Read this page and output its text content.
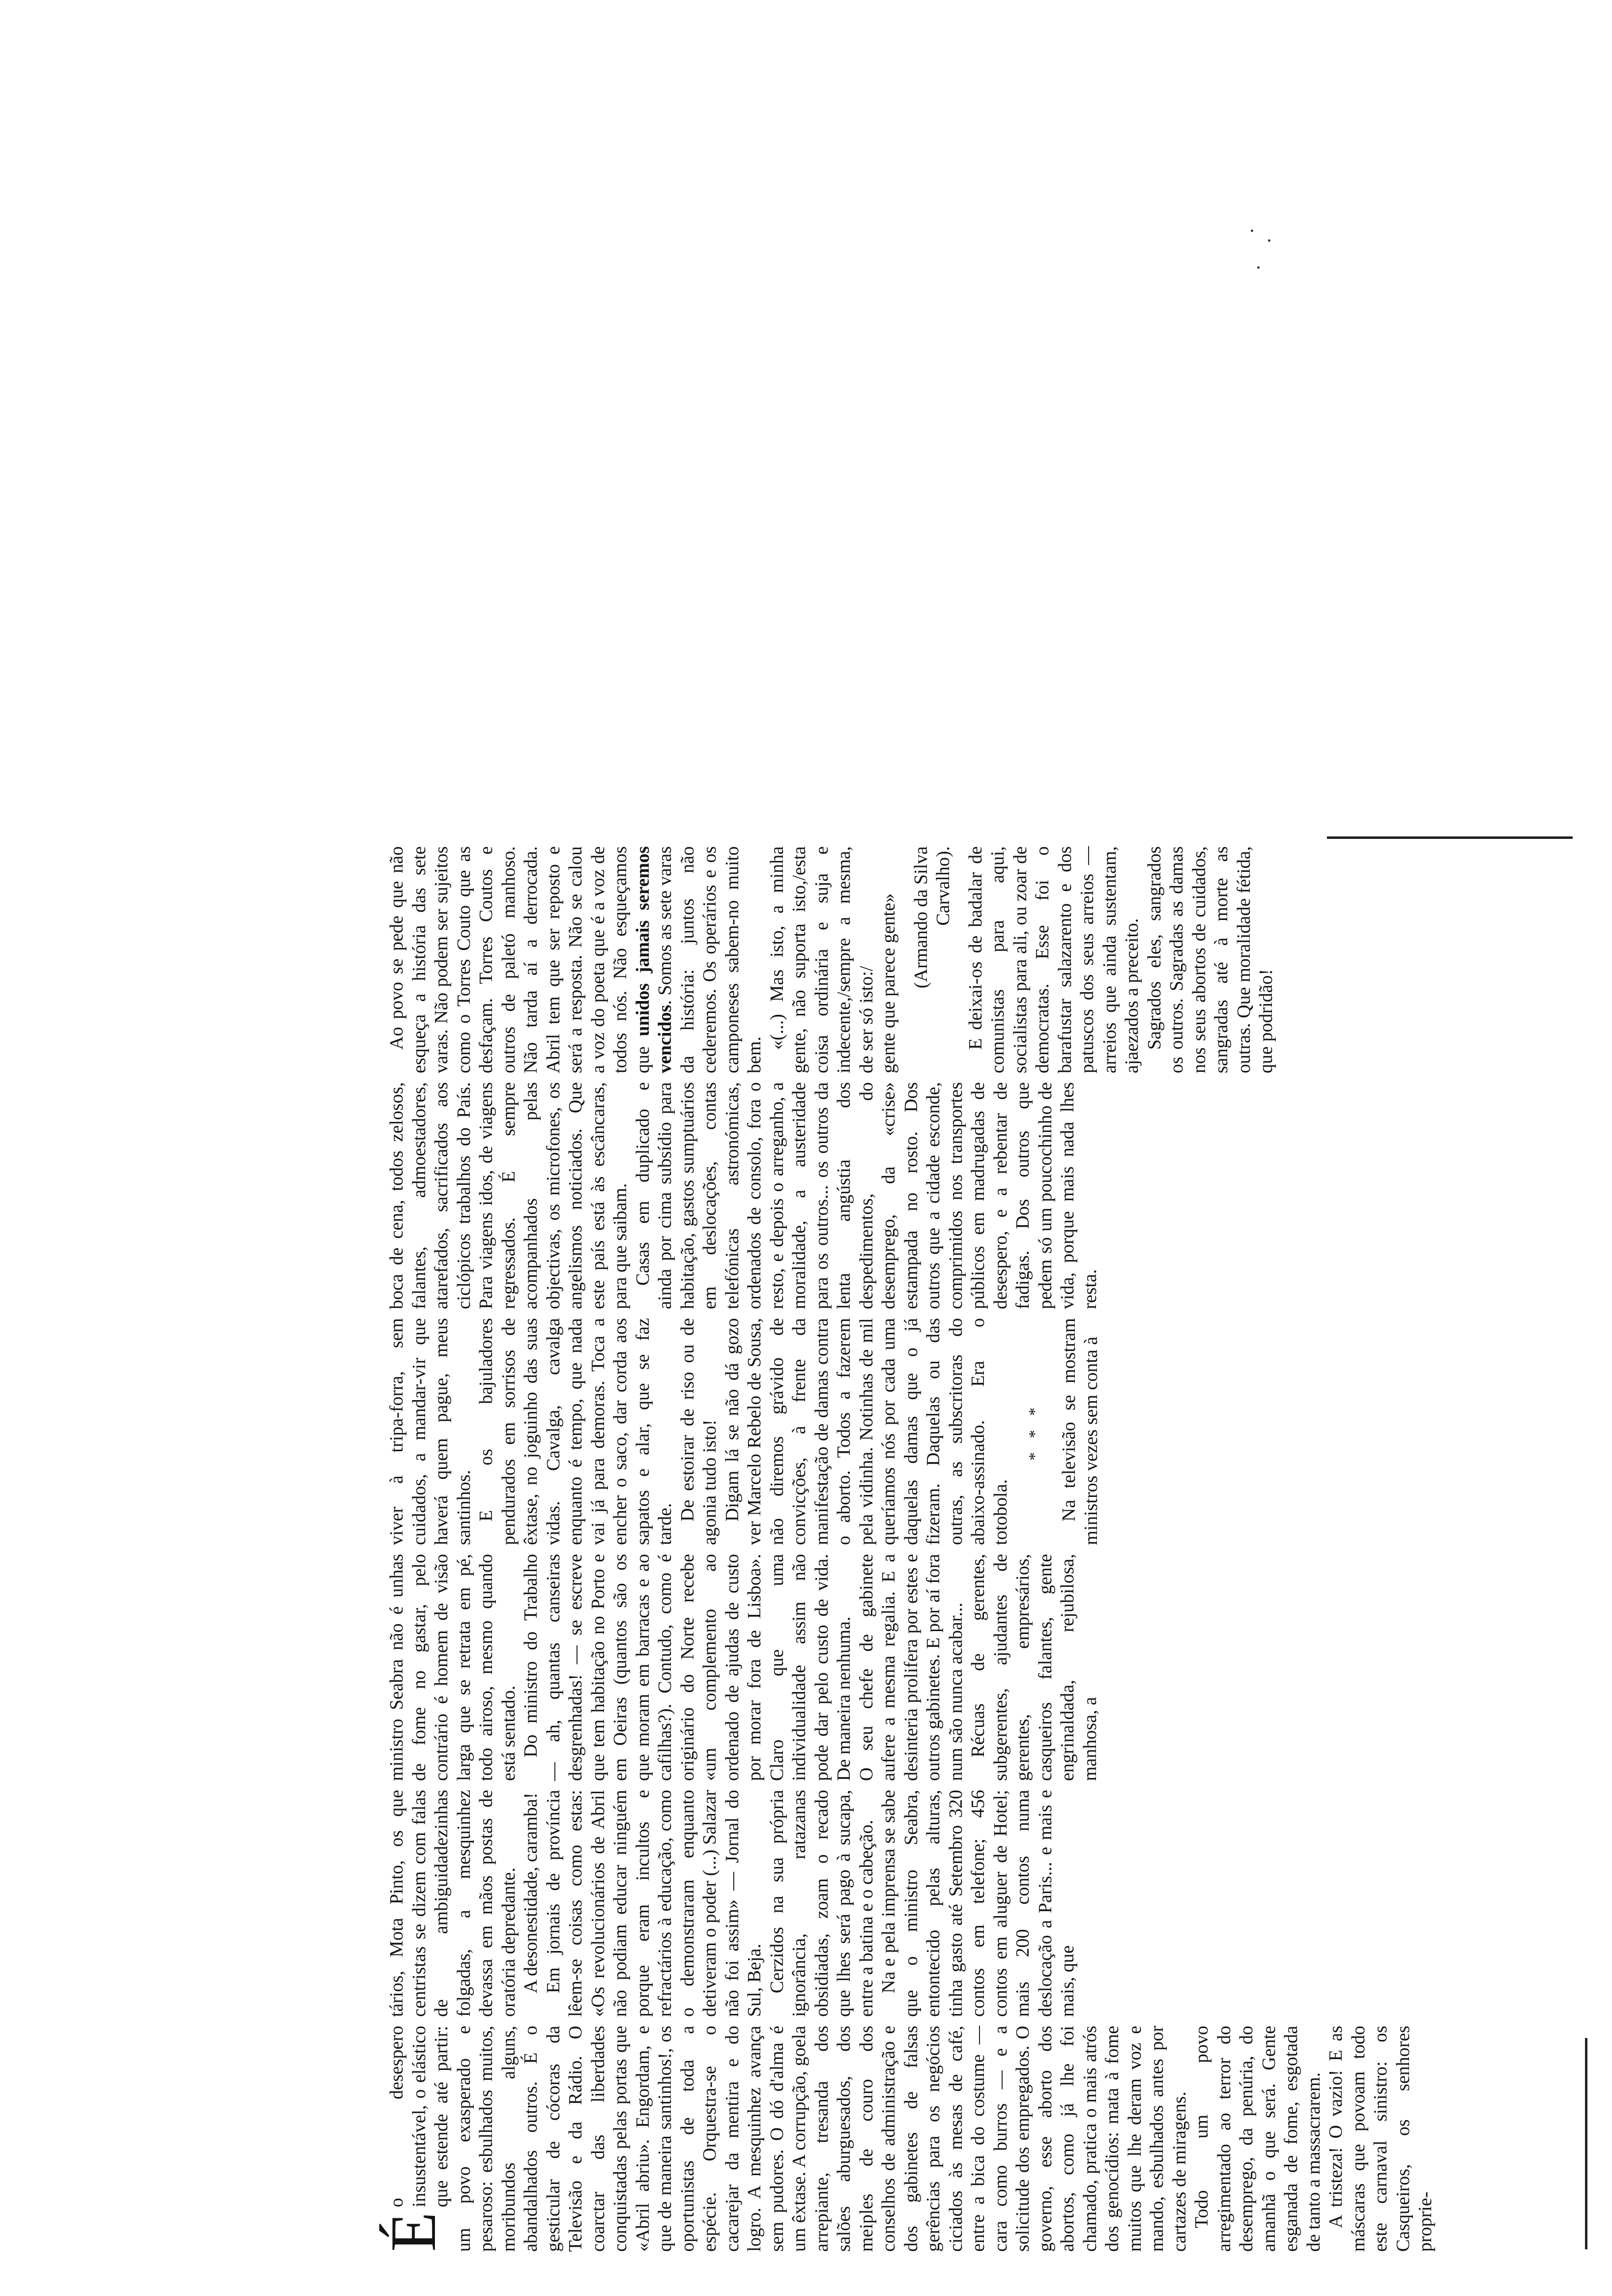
É
o desespero insustentável, o elástico que estende até partir: um povo exasperado e pesaroso: esbulhados muitos, moribundos alguns, abandalhados outros. É o gesticular de cócoras da Televisão e da Rádio. O coarctar das liberdades conquistadas pelas portas que «Abril abriu». Engordam, e que de maneira santinhos!, os oportunistas de toda a espécie. Orquestra-se o cacarejar da mentira e do logro. A mesquinhez avança sem pudores. O dó d'alma é um êxtase. A corrupção, goela arrepiante, tresanda dos salões aburguesados, dos meiples de couro dos conselhos de administração e dos gabinetes de falsas gerências para os negócios ciciados às mesas de café, entre a bica do costume — cara como burros — e a solicitude dos empregados. O governo, esse aborto dos abortos, como já lhe foi chamado, pratica o mais atrós dos genocídios: mata à fome muitos que lhe deram voz e mando, esbulhados antes por cartazes de miragens. Todo um povo arregimentado ao terror do desemprego, da penúria, do amanhã o que será. Gente esganada de fome, esgotada de tanto a massacrarem. A tristeza! O vazio! E as máscaras que povoam todo este carnaval sinistro: os Casqueiros, os senhores proprie-

tários, Mota Pinto, os que centristas se dizem com falas de ambiguidadezinhas folgadas, a mesquinhez devassa em mãos postas de oratória depredante. A desonestidade, caramba! Em jornais de província lêem-se coisas como estas: «Os revolucionários de Abril não podiam educar ninguém porque eram incultos e refractários à educação, como o demonstraram enquanto detiveram o poder (...) Salazar não foi assim» — Jornal do Sul, Beja. Cerzidos na sua própria ignorância, ratazanas obsidiadas, zoam o recado que lhes será pago à sucapa, entre a batina e o cabeção. Na e pela imprensa se sabe que o ministro Seabra, entontecido pelas alturas, tinha gasto até Setembro 320 contos em telefone; 456 contos em aluguer de Hotel; mais 200 contos numa deslocação a Paris... e mais e mais, que

ministro Seabra não é unhas de fome no gastar, pelo contrário é homem de visão larga que se retrata em pé, todo airoso, mesmo quando está sentado. Do ministro do Trabalho — ah, quantas canseiras desgrenhadas! — se escreve que tem habitação no Porto e em Oeiras (quantos são os que moram em barracas e ao cafilhas?). Contudo, como é originário do Norte recebe «um complemento ao ordenado de ajudas de custo por morar fora de Lisboa». Claro que uma individualidade assim não pode dar pelo custo de vida. De maneira nenhuma. O seu chefe de gabinete aufere a mesma regalia. E a desinteria prolifera por estes e outros gabinetes. E por aí fora num são nunca acabar... Récuas de gerentes, subgerentes, ajudantes de gerentes, empresários, casqueiros falantes, gente engrinaldada, rejubilosa, manhosa, a

viver à tripa-forra, sem cuidados, a mandar-vir que haverá quem pague, meus santinhos. E os bajuladores pendurados em sorrisos de êxtase, no joguinho das suas vidas. Cavalga, cavalga enquanto é tempo, que nada vai já para demoras. Toca a encher o saco, dar corda aos sapatos e alar, que se faz tarde.

De estoirar de riso ou de agonia tudo isto! Digam lá se não dá gozo ver Marcelo Rebelo de Sousa, não diremos grávido de convicções, à frente da manifestação de damas contra o aborto. Todos a fazerem pela vidinha. Notinhas de mil queríamos nós por cada uma daquelas damas que o já fizeram. Daquelas ou das outras, as subscritoras do abaixo-assinado. Era o totobola.

* * * Na televisão se mostram ministros vezes sem conta à

boca de cena, todos zelosos, falantes, admoestadores, atarefados, sacrificados aos ciclópicos trabalhos do País. Para viagens idos, de viagens regressados. É sempre acompanhados pelas objectivas, os microfones, os angelismos noticiados. Que este país está às escâncaras, para que saibam. Casas em duplicado e ainda por cima subsídio para habitação, gastos sumptuários em deslocações, contas telefónicas astronómicas, ordenados de consolo, fora o resto, e depois o arreganho, a moralidade, a austeridade para os outros... os outros da lenta angústia dos despedimentos, do desemprego, da «crise» estampada no rosto. Dos outros que a cidade esconde, comprimidos nos transportes públicos em madrugadas de desespero, e a rebentar de fadigas. Dos outros que pedem só um poucochinho de vida, porque mais nada lhes resta.

Ao povo se pede que não esqueça a história das sete varas. Não podem ser sujeitos como o Torres Couto que as desfaçam. Torres Coutos e outros de paletó manhoso. Não tarda aí a derrocada. Abril tem que ser reposto e será a resposta. Não se calou a voz do poeta que é a voz de todos nós. Não esqueçamos que unidos jamais seremos vencidos. Somos as sete varas da história: juntos não cederemos. Os operários e os camponeses sabem-no muito bem.

«(...) Mas isto, a minha gente, não suporta isto,/esta coisa ordinária e suja e indecente,/sempre a mesma, de ser só isto:/ gente que parece gente» (Armando da Silva Carvalho). E deixai-os de badalar de comunistas para aqui, socialistas para ali, ou zoar de democratas. Esse foi o barafustar salazarento e dos patuscos dos seus arreios — arreios que ainda sustentam, ajaezados a preceito. Sagrados eles, sangrados os outros. Sagradas as damas nos seus abortos de cuidados, sangradas até à morte as outras. Que moralidade fétida, que podridão!
